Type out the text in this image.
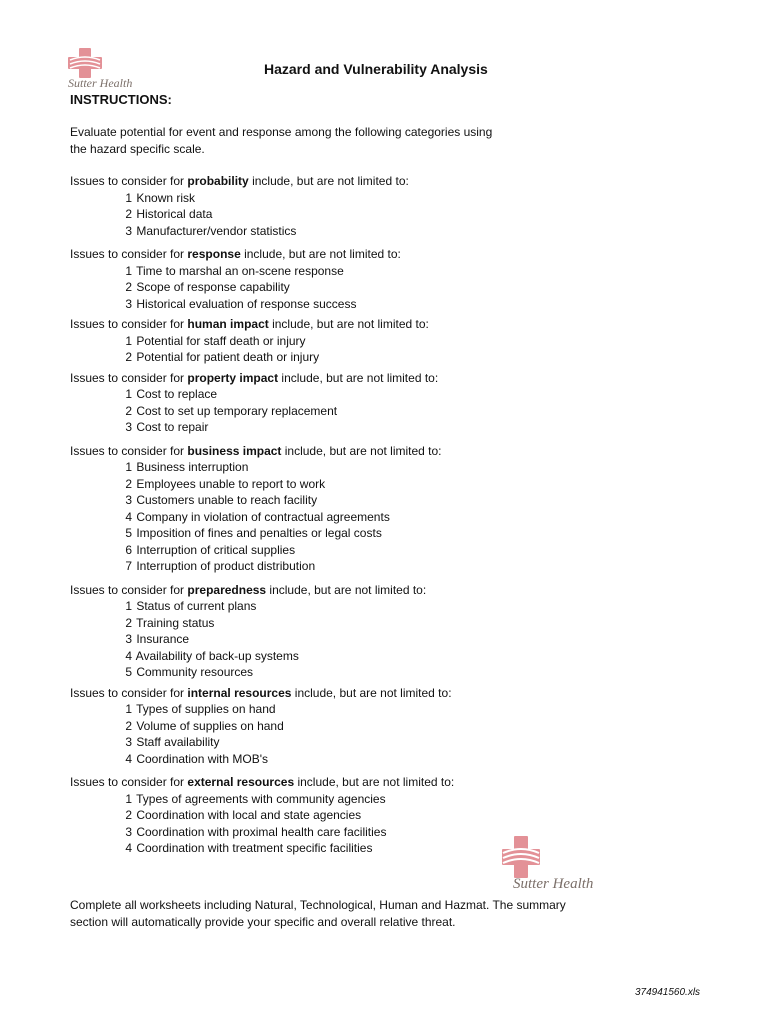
Sutter Health
Hazard and Vulnerability Analysis
INSTRUCTIONS:

Evaluate potential for event and response among the following categories using

the hazard specific scale.

Issues to consider for probability include, but are not limited to:
1 Known risk
2 Historical data
3 Manufacturer/vendor statistics
Issues to consider for response include, but are not limited to:
1 Time to marshal an on-scene response
2 Scope of response capability
3 Historical evaluation of response success
Issues to consider for human impact include, but are not limited to:
1 Potential for staff death or injury
2 Potential for patient death or injury
Issues to consider for property impact include, but are not limited to:
1 Cost to replace
2 Cost to set up temporary replacement
3 Cost to repair
Issues to consider for business impact include, but are not limited to:
1 Business interruption
2 Employees unable to report to work
3 Customers unable to reach facility
4 Company in violation of contractual agreements
5 Imposition of fines and penalties or legal costs
6 Interruption of critical supplies
7 Interruption of product distribution
Issues to consider for preparedness include, but are not limited to:
1 Status of current plans
2 Training status
3 Insurance
4 Availability of back-up systems
5 Community resources
Issues to consider for internal resources include, but are not limited to:
1 Types of supplies on hand
2 Volume of supplies on hand
3 Staff availability
4 Coordination with MOB's
Issues to consider for external resources include, but are not limited to:
1 Types of agreements with community agencies
2 Coordination with local and state agencies
3 Coordination with proximal health care facilities
4 Coordination with treatment specific facilities
Sutter Health

Complete all worksheets including Natural, Technological, Human and Hazmat. The summary

section will automatically provide your specific and overall relative threat.

374941560.xls
